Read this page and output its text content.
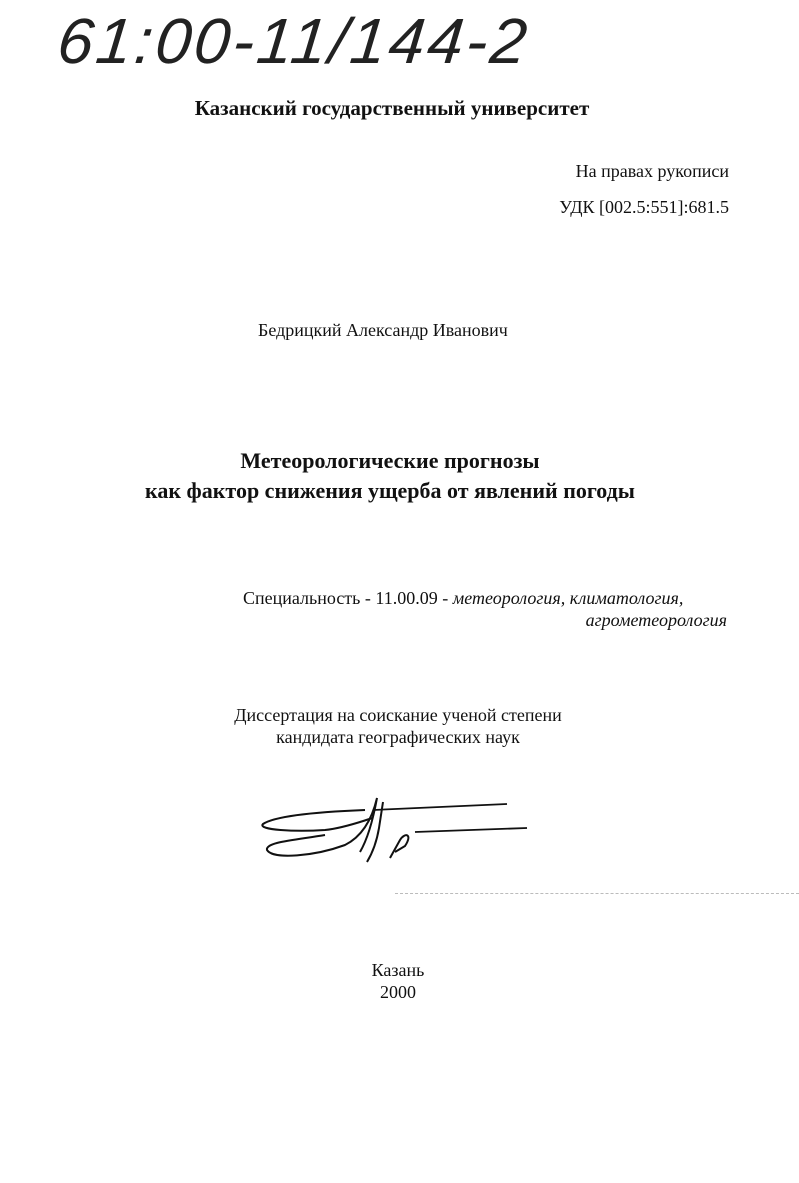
61:00-11/144-2
Казанский государственный университет
На правах рукописи
УДК [002.5:551]:681.5
Бедрицкий Александр Иванович
Метеорологические прогнозы
как фактор снижения ущерба от явлений погоды
Специальность - 11.00.09 - метеорология, климатология,
агрометеорология
Диссертация на соискание ученой степени
кандидата географических наук
Казань
2000
